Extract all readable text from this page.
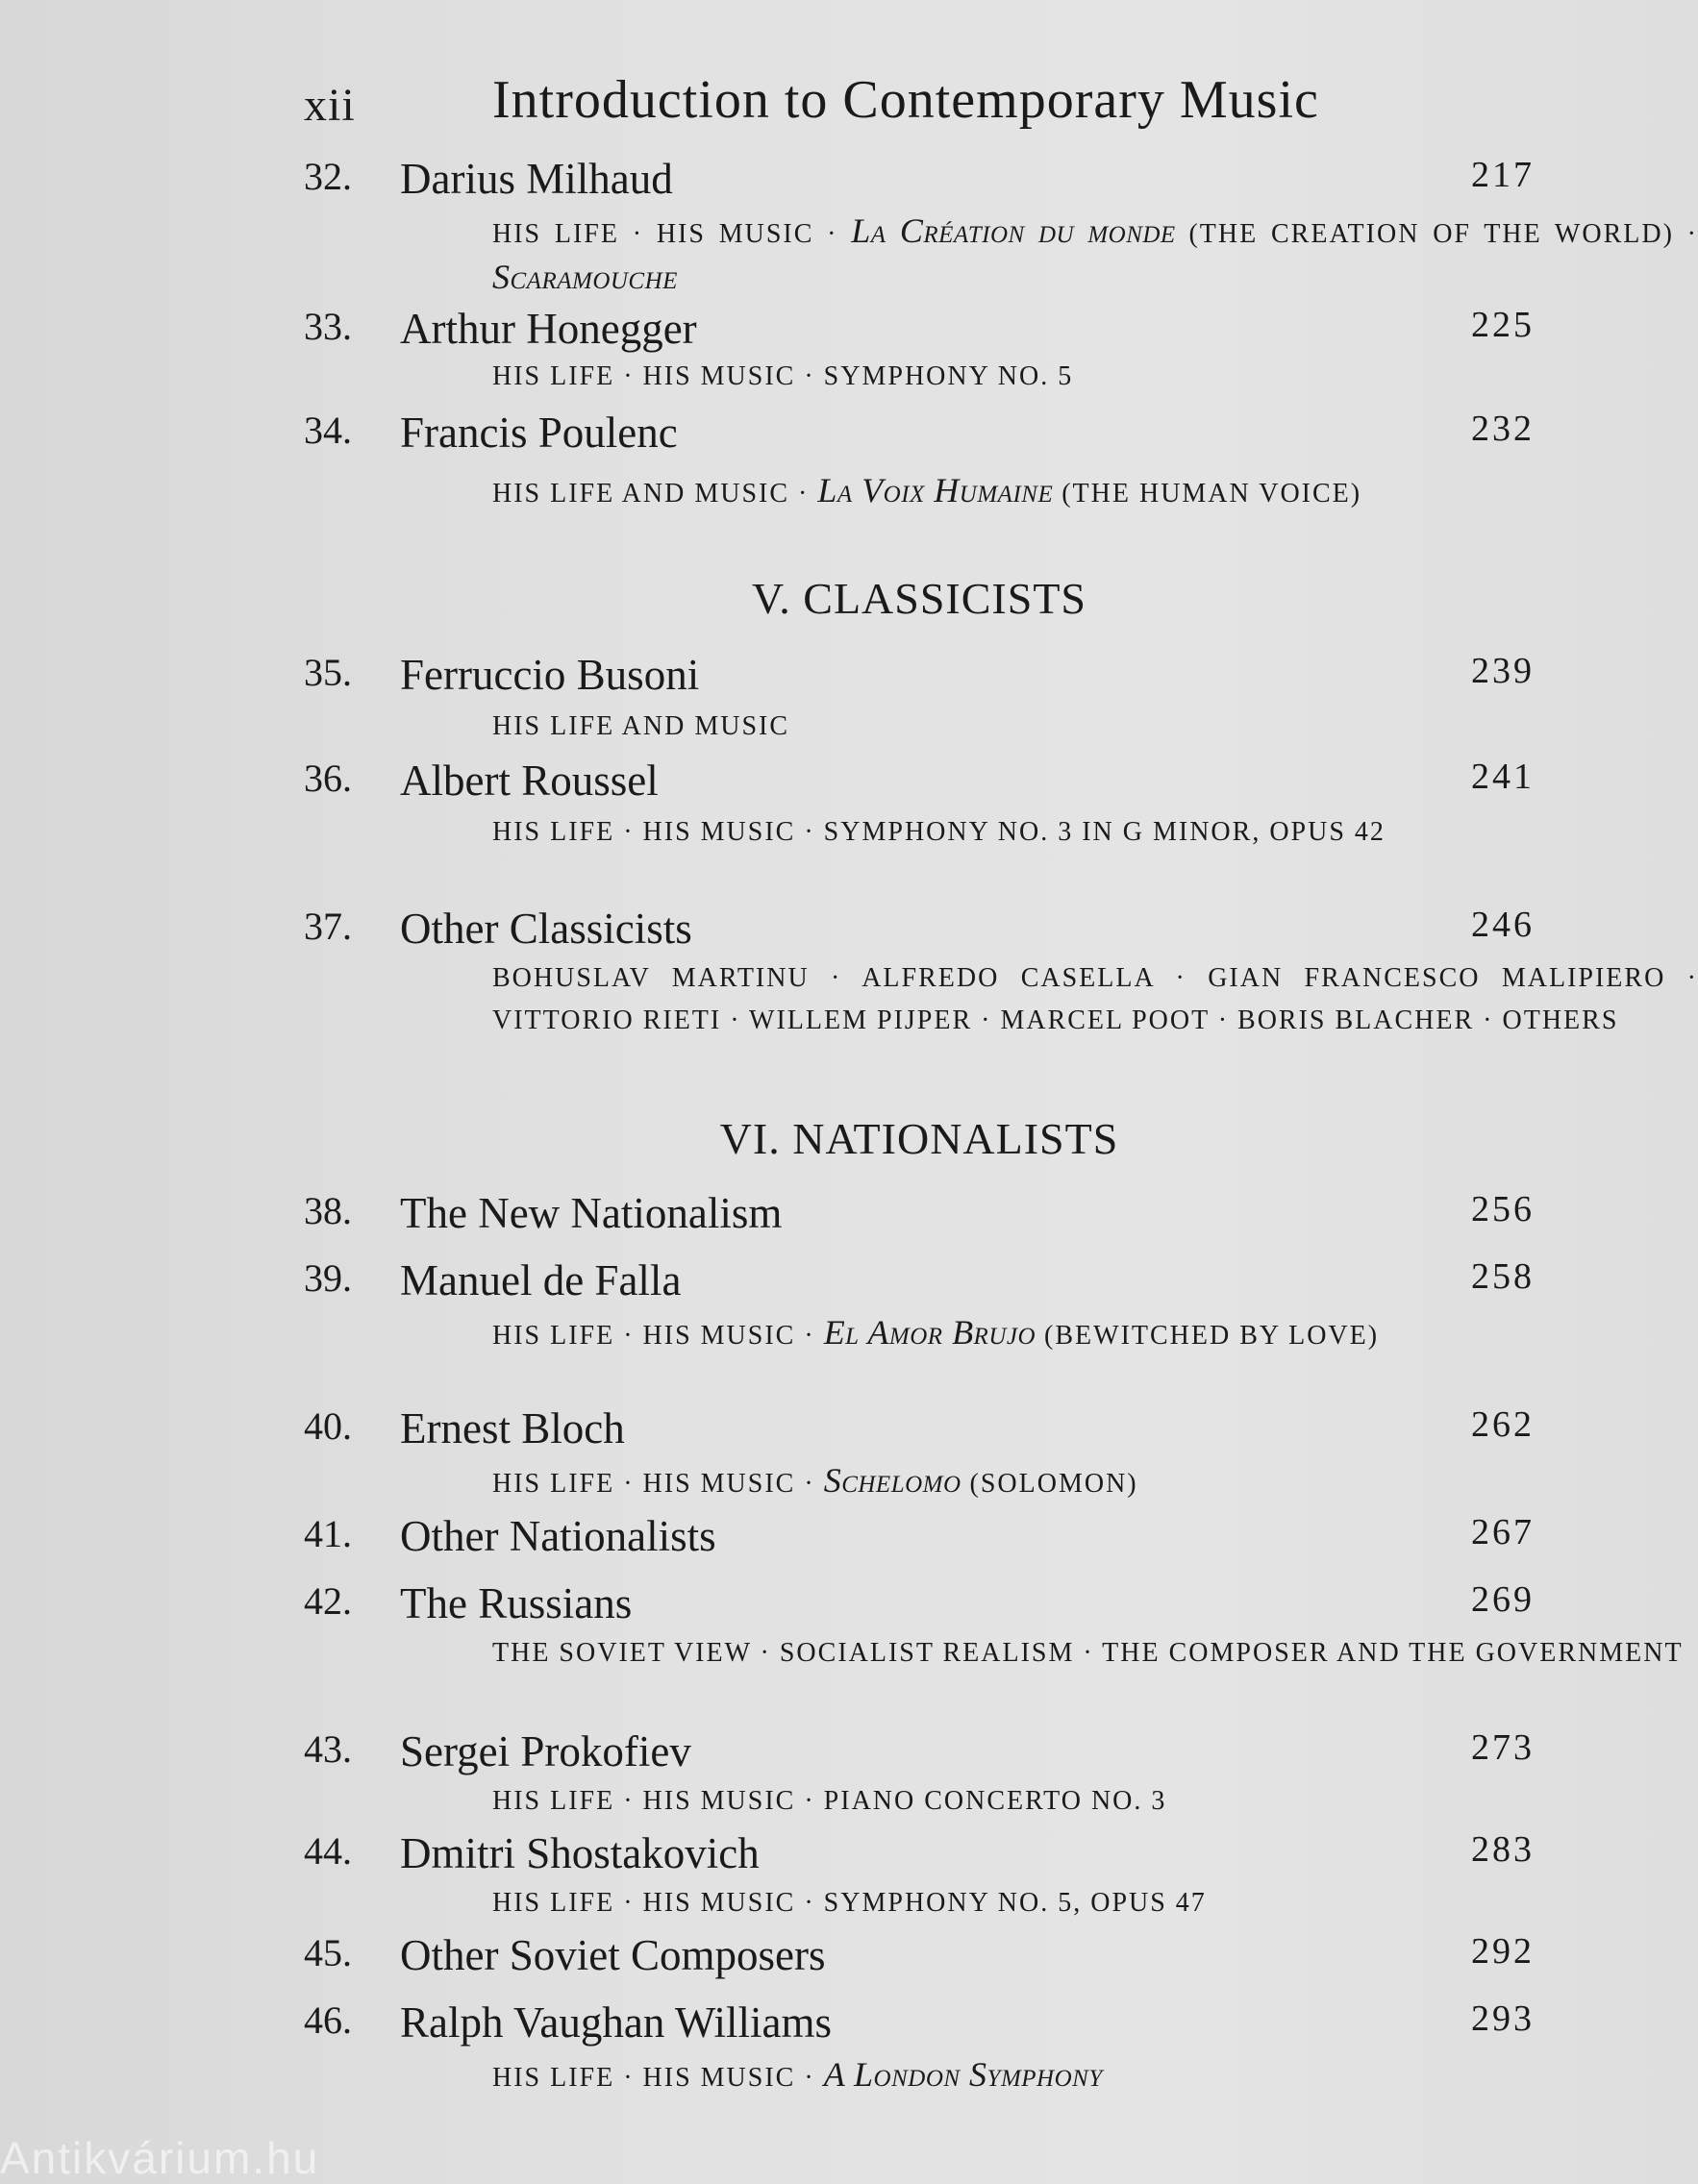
xii	Introduction to Contemporary Music
V. CLASSICISTS
VI. NATIONALISTS
32. Darius Milhaud	217
HIS LIFE · HIS MUSIC · La Création du monde (THE CREATION OF THE WORLD) · Scaramouche
33. Arthur Honegger	225
HIS LIFE · HIS MUSIC · SYMPHONY NO. 5
34. Francis Poulenc	232
HIS LIFE AND MUSIC · La Voix Humaine (THE HUMAN VOICE)
35. Ferruccio Busoni	239
HIS LIFE AND MUSIC
36. Albert Roussel	241
HIS LIFE · HIS MUSIC · SYMPHONY NO. 3 IN G MINOR, OPUS 42
37. Other Classicists	246
BOHUSLAV MARTINU · ALFREDO CASELLA · GIAN FRANCESCO MALIPIERO · VITTORIO RIETI · WILLEM PIJPER · MARCEL POOT · BORIS BLACHER · OTHERS
38. The New Nationalism	256
39. Manuel de Falla	258
HIS LIFE · HIS MUSIC · El Amor Brujo (BEWITCHED BY LOVE)
40. Ernest Bloch	262
HIS LIFE · HIS MUSIC · Schelomo (SOLOMON)
41. Other Nationalists	267
42. The Russians	269
THE SOVIET VIEW · SOCIALIST REALISM · THE COMPOSER AND THE GOVERNMENT
43. Sergei Prokofiev	273
HIS LIFE · HIS MUSIC · PIANO CONCERTO NO. 3
44. Dmitri Shostakovich	283
HIS LIFE · HIS MUSIC · SYMPHONY NO. 5, OPUS 47
45. Other Soviet Composers	292
46. Ralph Vaughan Williams	293
HIS LIFE · HIS MUSIC · A London Symphony
Antikvárium.hu
